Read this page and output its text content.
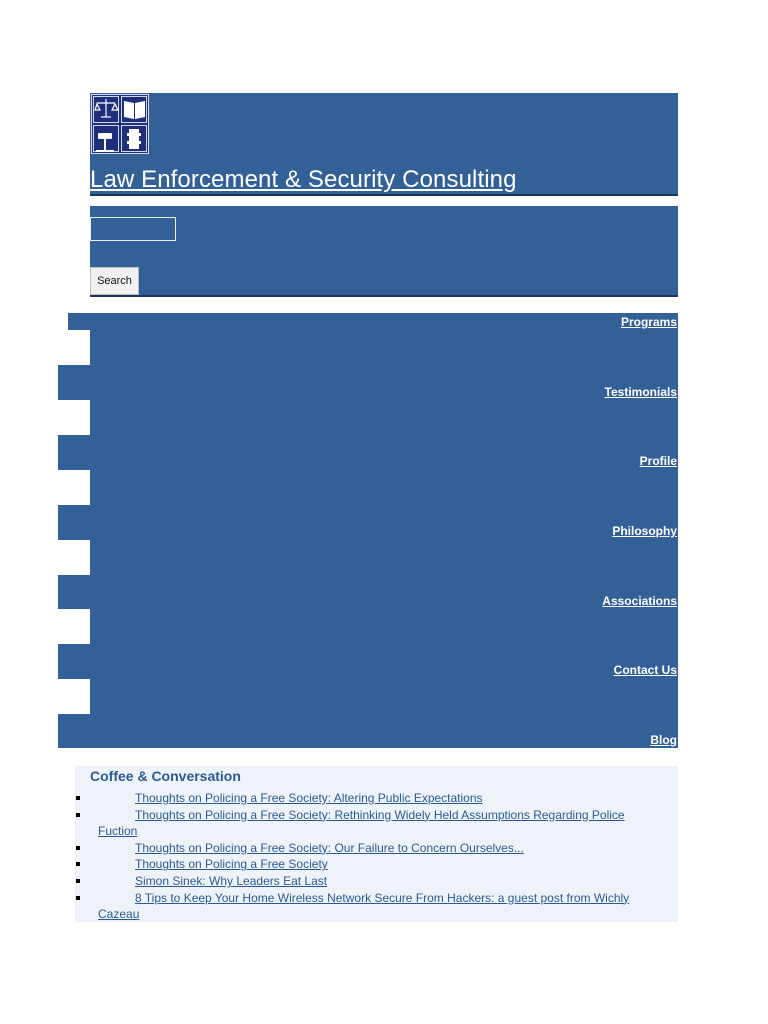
Law Enforcement & Security Consulting
Search
Programs
Testimonials
Profile
Philosophy
Associations
Contact Us
Blog
Coffee & Conversation
Thoughts on Policing a Free Society: Altering Public Expectations
Thoughts on Policing a Free Society: Rethinking Widely Held Assumptions Regarding Police
Fuction
Thoughts on Policing a Free Society: Our Failure to Concern Ourselves...
Thoughts on Policing a Free Society
Simon Sinek: Why Leaders Eat Last
8 Tips to Keep Your Home Wireless Network Secure From Hackers: a guest post from Wichly
Cazeau
